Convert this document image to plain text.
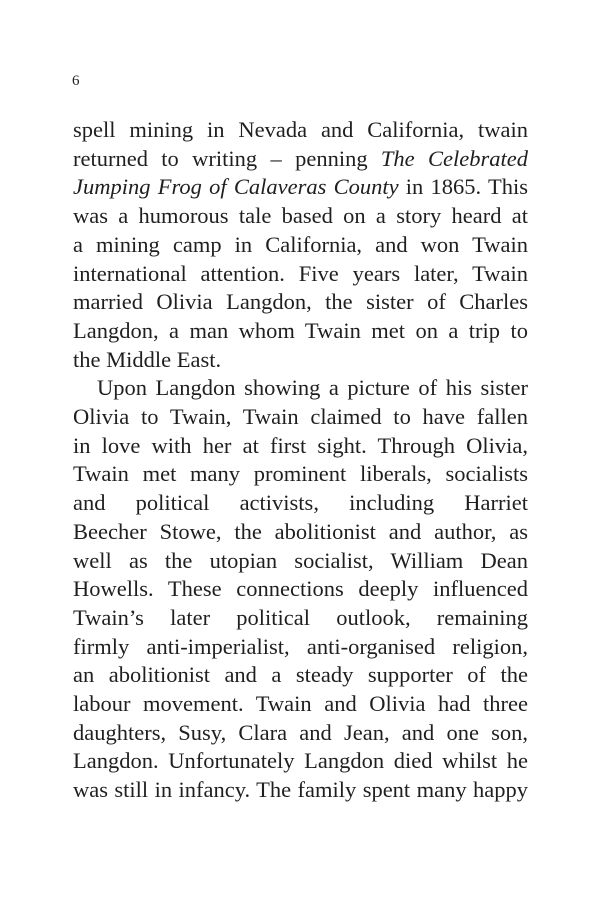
6

spell mining in Nevada and California, twain
returned to writing – penning The Celebrated
Jumping Frog of Calaveras County in 1865. This
was a humorous tale based on a story heard at
a mining camp in California, and won Twain
international attention. Five years later, Twain
married Olivia Langdon, the sister of Charles
Langdon, a man whom Twain met on a trip to
the Middle East.

Upon Langdon showing a picture of his sister
Olivia to Twain, Twain claimed to have fallen
in love with her at first sight. Through Olivia,
Twain met many prominent liberals, socialists
and political activists, including Harriet
Beecher Stowe, the abolitionist and author, as
well as the utopian socialist, William Dean
Howells. These connections deeply influenced
Twain’s later political outlook, remaining
firmly anti-imperialist, anti-organised religion,
an abolitionist and a steady supporter of the
labour movement. Twain and Olivia had three
daughters, Susy, Clara and Jean, and one son,
Langdon. Unfortunately Langdon died whilst he
was still in infancy. The family spent many happy
